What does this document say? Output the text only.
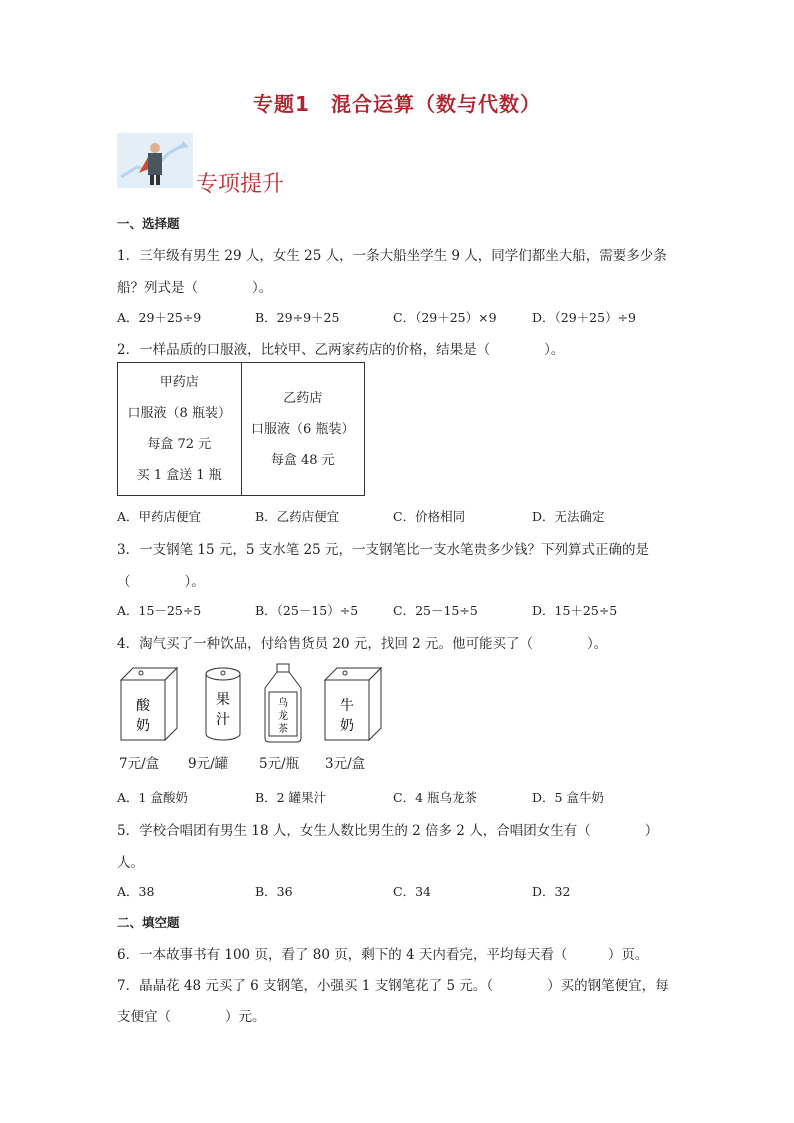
专题1　混合运算（数与代数）
专项提升
一、选择题
1．三年级有男生 29 人，女生 25 人，一条大船坐学生 9 人，同学们都坐大船，需要多少条
船？列式是（　　　　）。
A．29＋25÷9	B．29÷9＋25	C．（29＋25）×9	D．（29＋25）÷9
2．一样品质的口服液，比较甲、乙两家药店的价格，结果是（　　　　）。
甲药店
口服液（8 瓶装）
每盒 72 元
买 1 盒送 1 瓶
乙药店
口服液（6 瓶装）
每盒 48 元
A．甲药店便宜	B．乙药店便宜	C．价格相同	D．无法确定
3．一支钢笔 15 元，5 支水笔 25 元，一支钢笔比一支水笔贵多少钱？下列算式正确的是
（　　　　）。
A．15－25÷5	B．（25－15）÷5	C．25－15÷5	D．15＋25÷5
4．淘气买了一种饮品，付给售货员 20 元，找回 2 元。他可能买了（　　　　）。
酸
奶
果
汁
乌
龙
茶
牛
奶
7元/盒 9元/罐 5元/瓶 3元/盒
A．1 盒酸奶	B．2 罐果汁	C．4 瓶乌龙茶	D．5 盒牛奶
5．学校合唱团有男生 18 人，女生人数比男生的 2 倍多 2 人，合唱团女生有（　　　　）
人。
A．38	B．36	C．34	D．32
二、填空题
6．一本故事书有 100 页，看了 80 页，剩下的 4 天内看完，平均每天看（　　　）页。
7．晶晶花 48 元买了 6 支钢笔，小强买 1 支钢笔花了 5 元。（　　　　）买的钢笔便宜，每
支便宜（　　　　）元。
